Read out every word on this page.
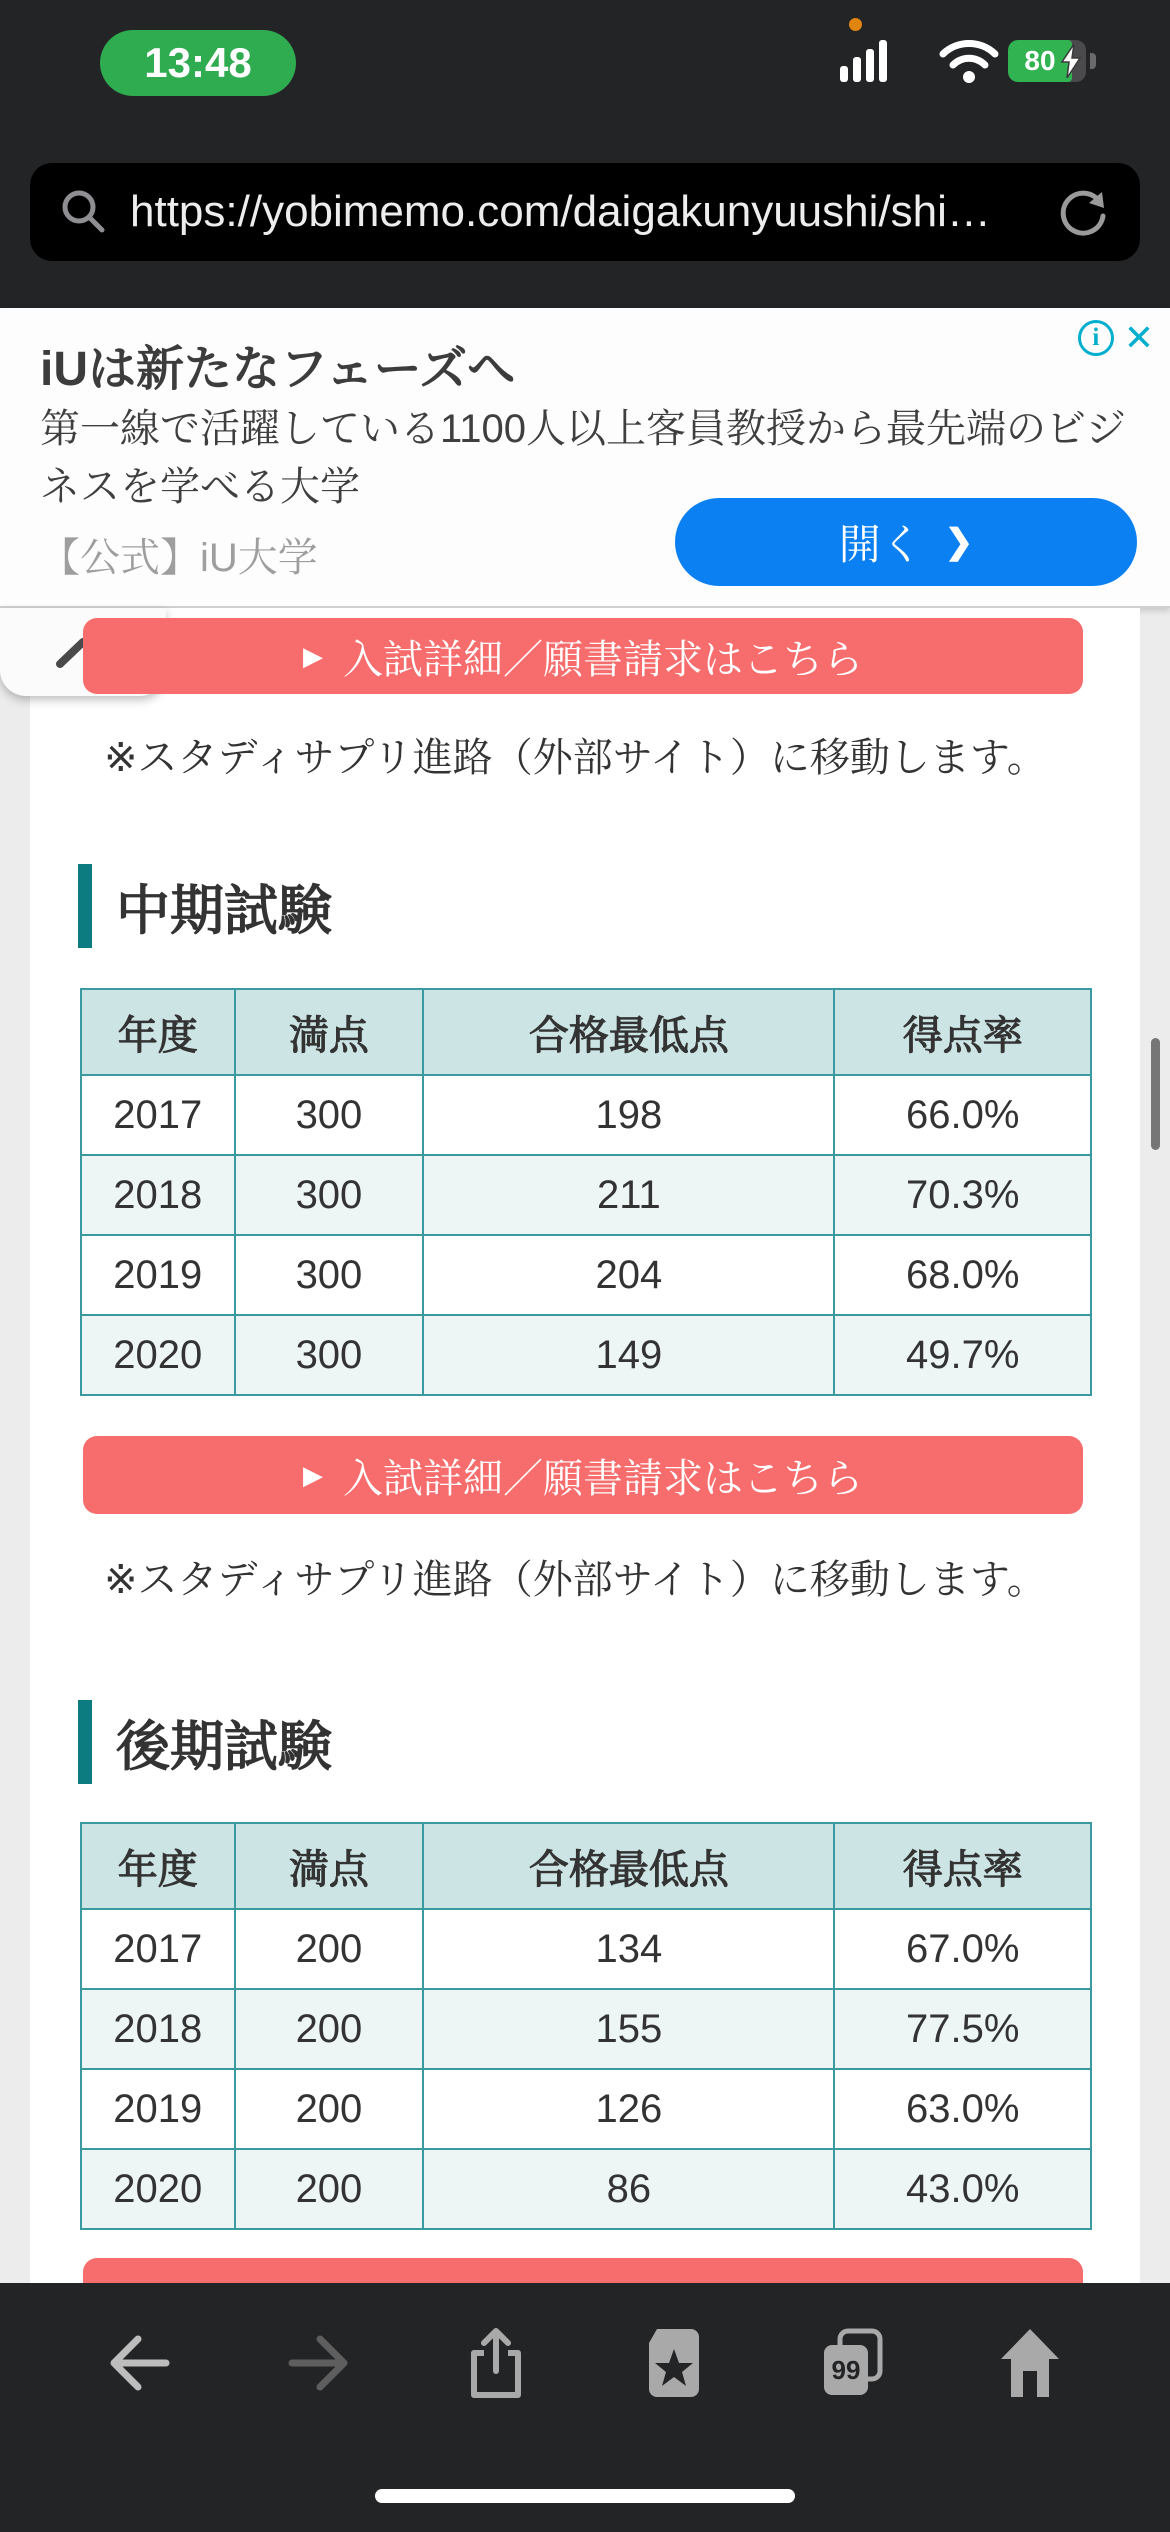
13:48	80
https://yobimemo.com/daigakunyuushi/shi…
i ✕
iUは新たなフェーズへ
第一線で活躍している1100人以上客員教授から最先端のビジネスを学べる大学
【公式】iU大学	開く ❯
▶ 入試詳細／願書請求はこちら
※スタディサプリ進路（外部サイト）に移動します。
中期試験
年度	満点	合格最低点	得点率
2017	300	198	66.0%
2018	300	211	70.3%
2019	300	204	68.0%
2020	300	149	49.7%
▶ 入試詳細／願書請求はこちら
※スタディサプリ進路（外部サイト）に移動します。
後期試験
年度	満点	合格最低点	得点率
2017	200	134	67.0%
2018	200	155	77.5%
2019	200	126	63.0%
2020	200	86	43.0%
99
